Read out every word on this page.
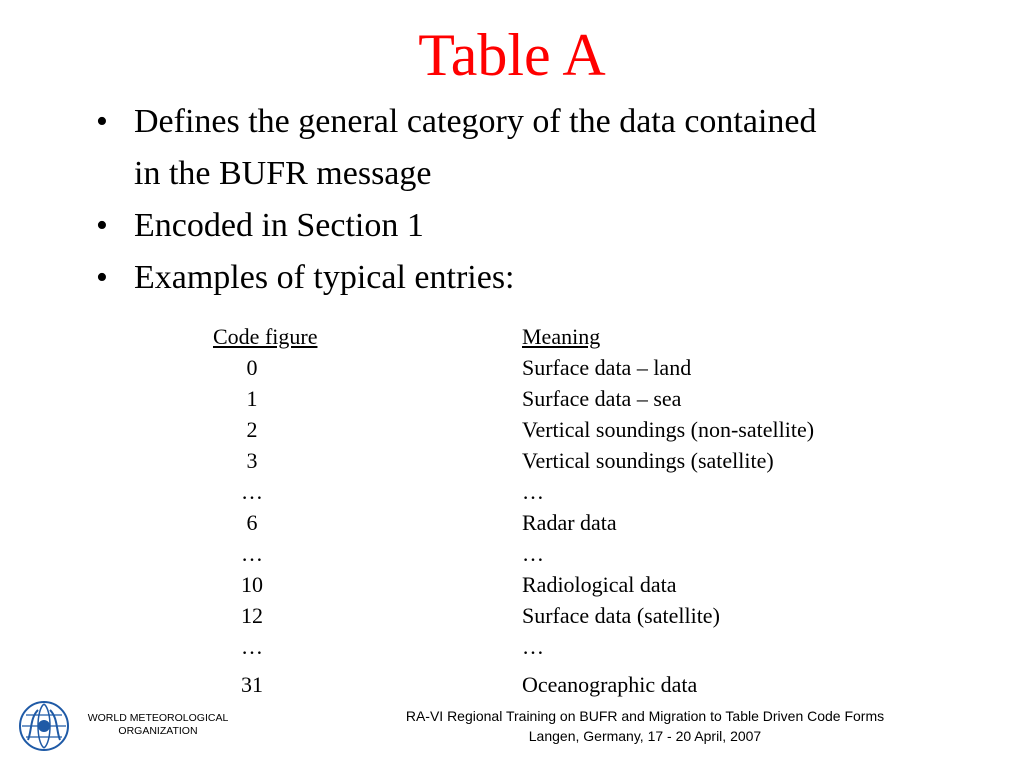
Table A
• Defines the general category of the data contained
in the BUFR message
• Encoded in Section 1
• Examples of typical entries:
Code figure	Meaning
0	Surface data – land
1	Surface data – sea
2	Vertical soundings (non-satellite)
3	Vertical soundings (satellite)
…	…
6	Radar data
…	…
10	Radiological data
12	Surface data (satellite)
…	…
31	Oceanographic data
WORLD METEOROLOGICAL
ORGANIZATION
RA-VI Regional Training on BUFR and Migration to Table Driven Code Forms
Langen, Germany, 17 - 20 April, 2007
